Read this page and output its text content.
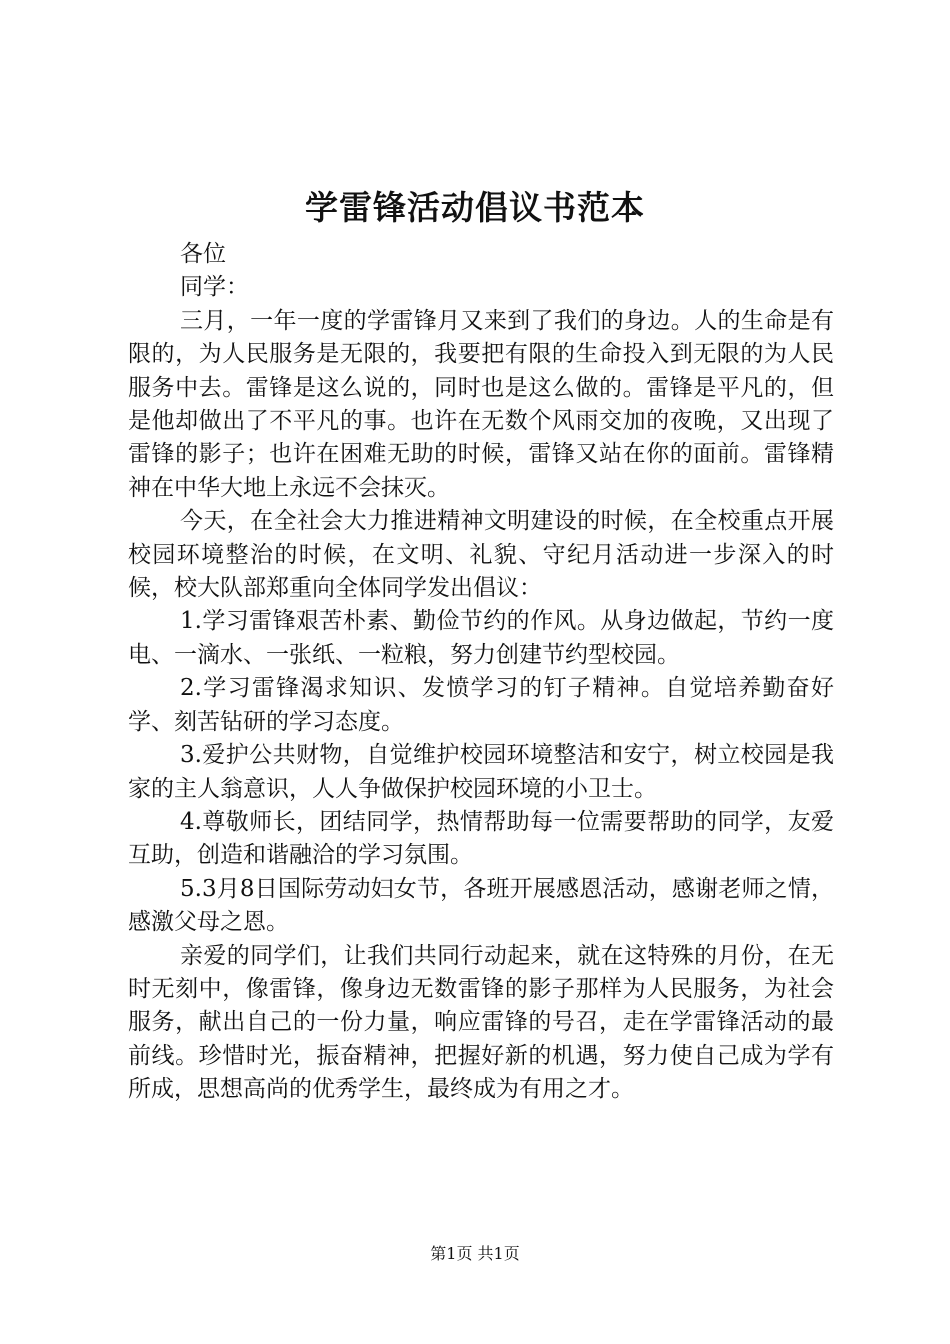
学雷锋活动倡议书范本

各位

同学：

三月，一年一度的学雷锋月又来到了我们的身边。人的生命是有限的，为人民服务是无限的，我要把有限的生命投入到无限的为人民服务中去。雷锋是这么说的，同时也是这么做的。雷锋是平凡的，但是他却做出了不平凡的事。也许在无数个风雨交加的夜晚，又出现了雷锋的影子；也许在困难无助的时候，雷锋又站在你的面前。雷锋精神在中华大地上永远不会抹灭。

今天，在全社会大力推进精神文明建设的时候，在全校重点开展校园环境整治的时候，在文明、礼貌、守纪月活动进一步深入的时候，校大队部郑重向全体同学发出倡议：

1.学习雷锋艰苦朴素、勤俭节约的作风。从身边做起，节约一度电、一滴水、一张纸、一粒粮，努力创建节约型校园。

2.学习雷锋渴求知识、发愤学习的钉子精神。自觉培养勤奋好学、刻苦钻研的学习态度。

3.爱护公共财物，自觉维护校园环境整洁和安宁，树立校园是我家的主人翁意识，人人争做保护校园环境的小卫士。

4.尊敬师长，团结同学，热情帮助每一位需要帮助的同学，友爱互助，创造和谐融洽的学习氛围。

5.3月8日国际劳动妇女节，各班开展感恩活动，感谢老师之情，感激父母之恩。

亲爱的同学们，让我们共同行动起来，就在这特殊的月份，在无时无刻中，像雷锋，像身边无数雷锋的影子那样为人民服务，为社会服务，献出自己的一份力量，响应雷锋的号召，走在学雷锋活动的最前线。珍惜时光，振奋精神，把握好新的机遇，努力使自己成为学有所成，思想高尚的优秀学生，最终成为有用之才。

第1页 共1页
